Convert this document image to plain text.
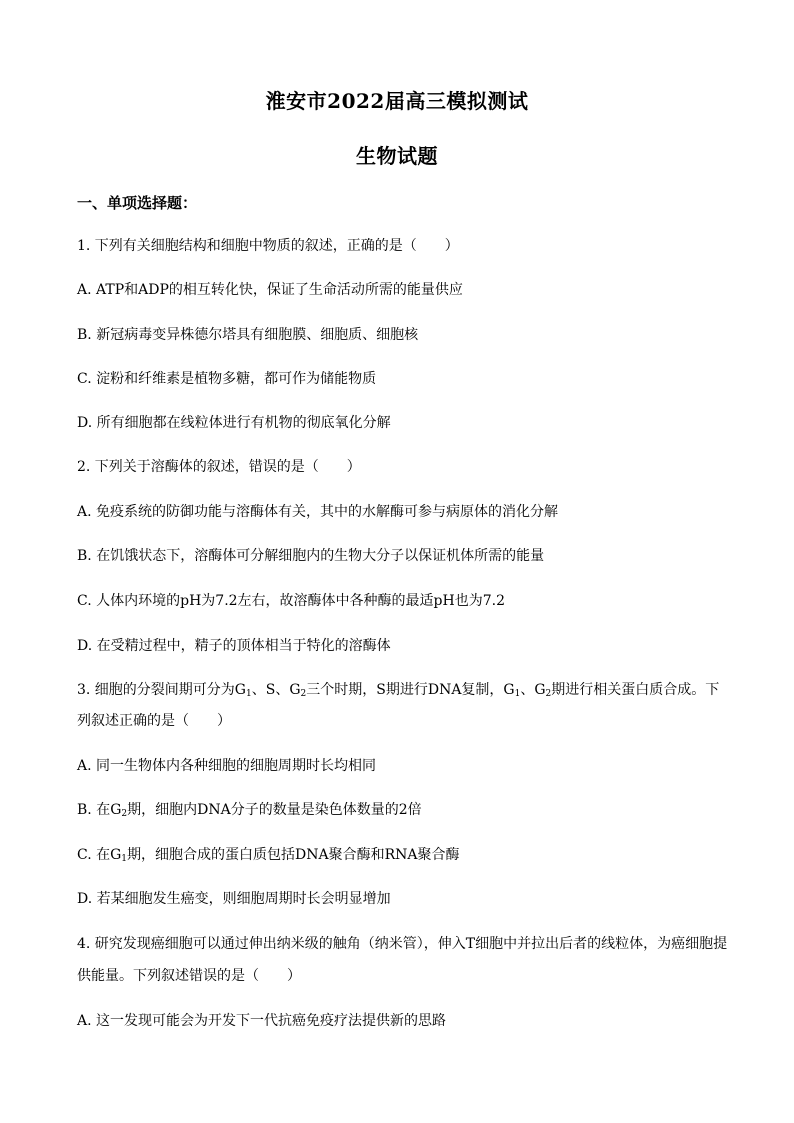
淮安市2022届高三模拟测试
生物试题
一、单项选择题：
1. 下列有关细胞结构和细胞中物质的叙述，正确的是（　　）
A. ATP和ADP的相互转化快，保证了生命活动所需的能量供应
B. 新冠病毒变异株德尔塔具有细胞膜、细胞质、细胞核
C. 淀粉和纤维素是植物多糖，都可作为储能物质
D. 所有细胞都在线粒体进行有机物的彻底氧化分解
2. 下列关于溶酶体的叙述，错误的是（　　）
A. 免疫系统的防御功能与溶酶体有关，其中的水解酶可参与病原体的消化分解
B. 在饥饿状态下，溶酶体可分解细胞内的生物大分子以保证机体所需的能量
C. 人体内环境的pH为7.2左右，故溶酶体中各种酶的最适pH也为7.2
D. 在受精过程中，精子的顶体相当于特化的溶酶体
3. 细胞的分裂间期可分为$G_1$、S、$G_2$三个时期，S期进行DNA复制，$G_1$、$G_2$期进行相关蛋白质合成。下
列叙述正确的是（　　）
A. 同一生物体内各种细胞的细胞周期时长均相同
B. 在$G_2$期，细胞内DNA分子的数量是染色体数量的2倍
C. 在$G_1$期，细胞合成的蛋白质包括DNA聚合酶和RNA聚合酶
D. 若某细胞发生癌变，则细胞周期时长会明显增加
4. 研究发现癌细胞可以通过伸出纳米级的触角（纳米管），伸入T细胞中并拉出后者的线粒体，为癌细胞提
供能量。下列叙述错误的是（　　）
A. 这一发现可能会为开发下一代抗癌免疫疗法提供新的思路
